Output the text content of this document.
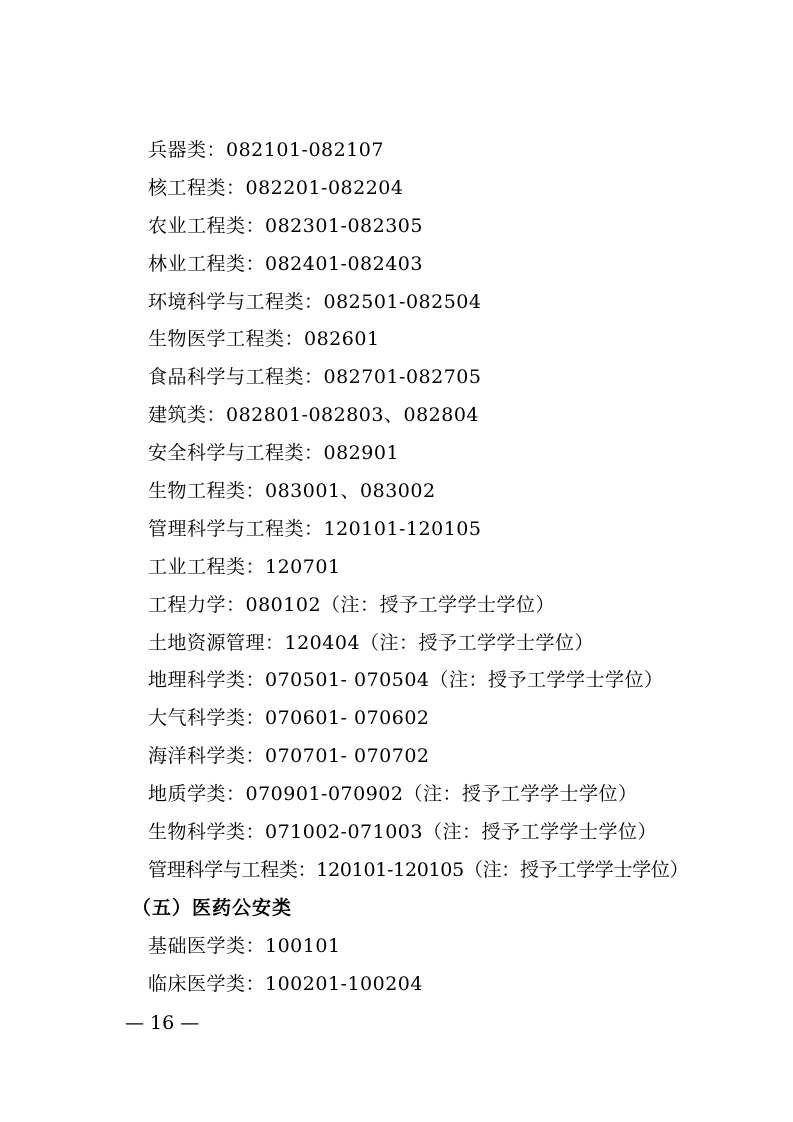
兵器类：082101-082107
核工程类：082201-082204
农业工程类：082301-082305
林业工程类：082401-082403
环境科学与工程类：082501-082504
生物医学工程类：082601
食品科学与工程类：082701-082705
建筑类：082801-082803、082804
安全科学与工程类：082901
生物工程类：083001、083002
管理科学与工程类：120101-120105
工业工程类：120701
工程力学：080102（注：授予工学学士学位）
土地资源管理：120404（注：授予工学学士学位）
地理科学类：070501- 070504（注：授予工学学士学位）
大气科学类：070601- 070602
海洋科学类：070701- 070702
地质学类：070901-070902（注：授予工学学士学位）
生物科学类：071002-071003（注：授予工学学士学位）
管理科学与工程类：120101-120105（注：授予工学学士学位）
（五）医药公安类
基础医学类：100101
临床医学类：100201-100204
— 16 —
